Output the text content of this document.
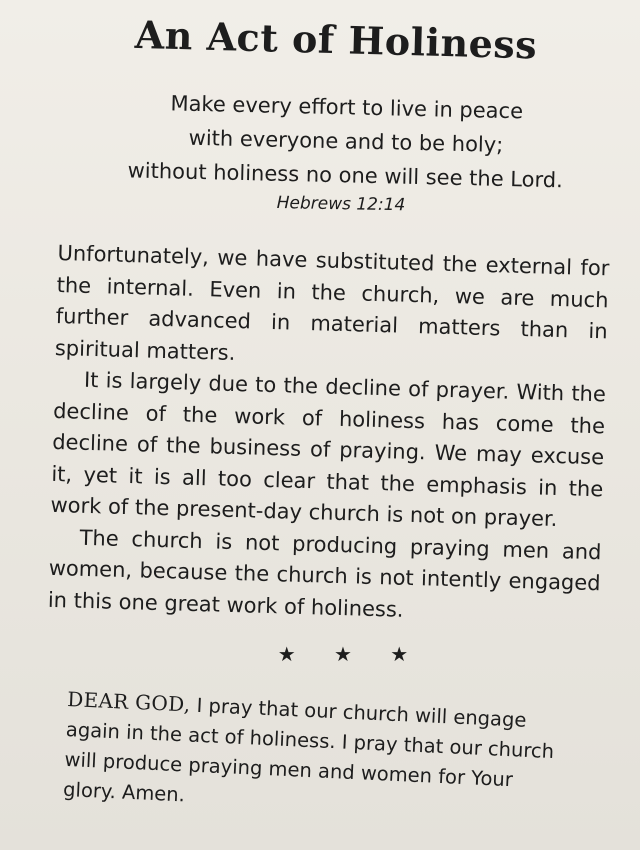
An Act of Holiness
Make every effort to live in peace
with everyone and to be holy;
without holiness no one will see the Lord.
Hebrews 12:14

Unfortunately, we have substituted the external for the internal. Even in the church, we are much further advanced in material matters than in spiritual matters.

It is largely due to the decline of prayer. With the decline of the work of holiness has come the decline of the business of praying. We may excuse it, yet it is all too clear that the emphasis in the work of the present-day church is not on prayer.

The church is not producing praying men and women, because the church is not intently engaged in this one great work of holiness.

★ ★ ★
DEAR GOD, I pray that our church will engage again in the act of holiness. I pray that our church will produce praying men and women for Your glory. Amen.
